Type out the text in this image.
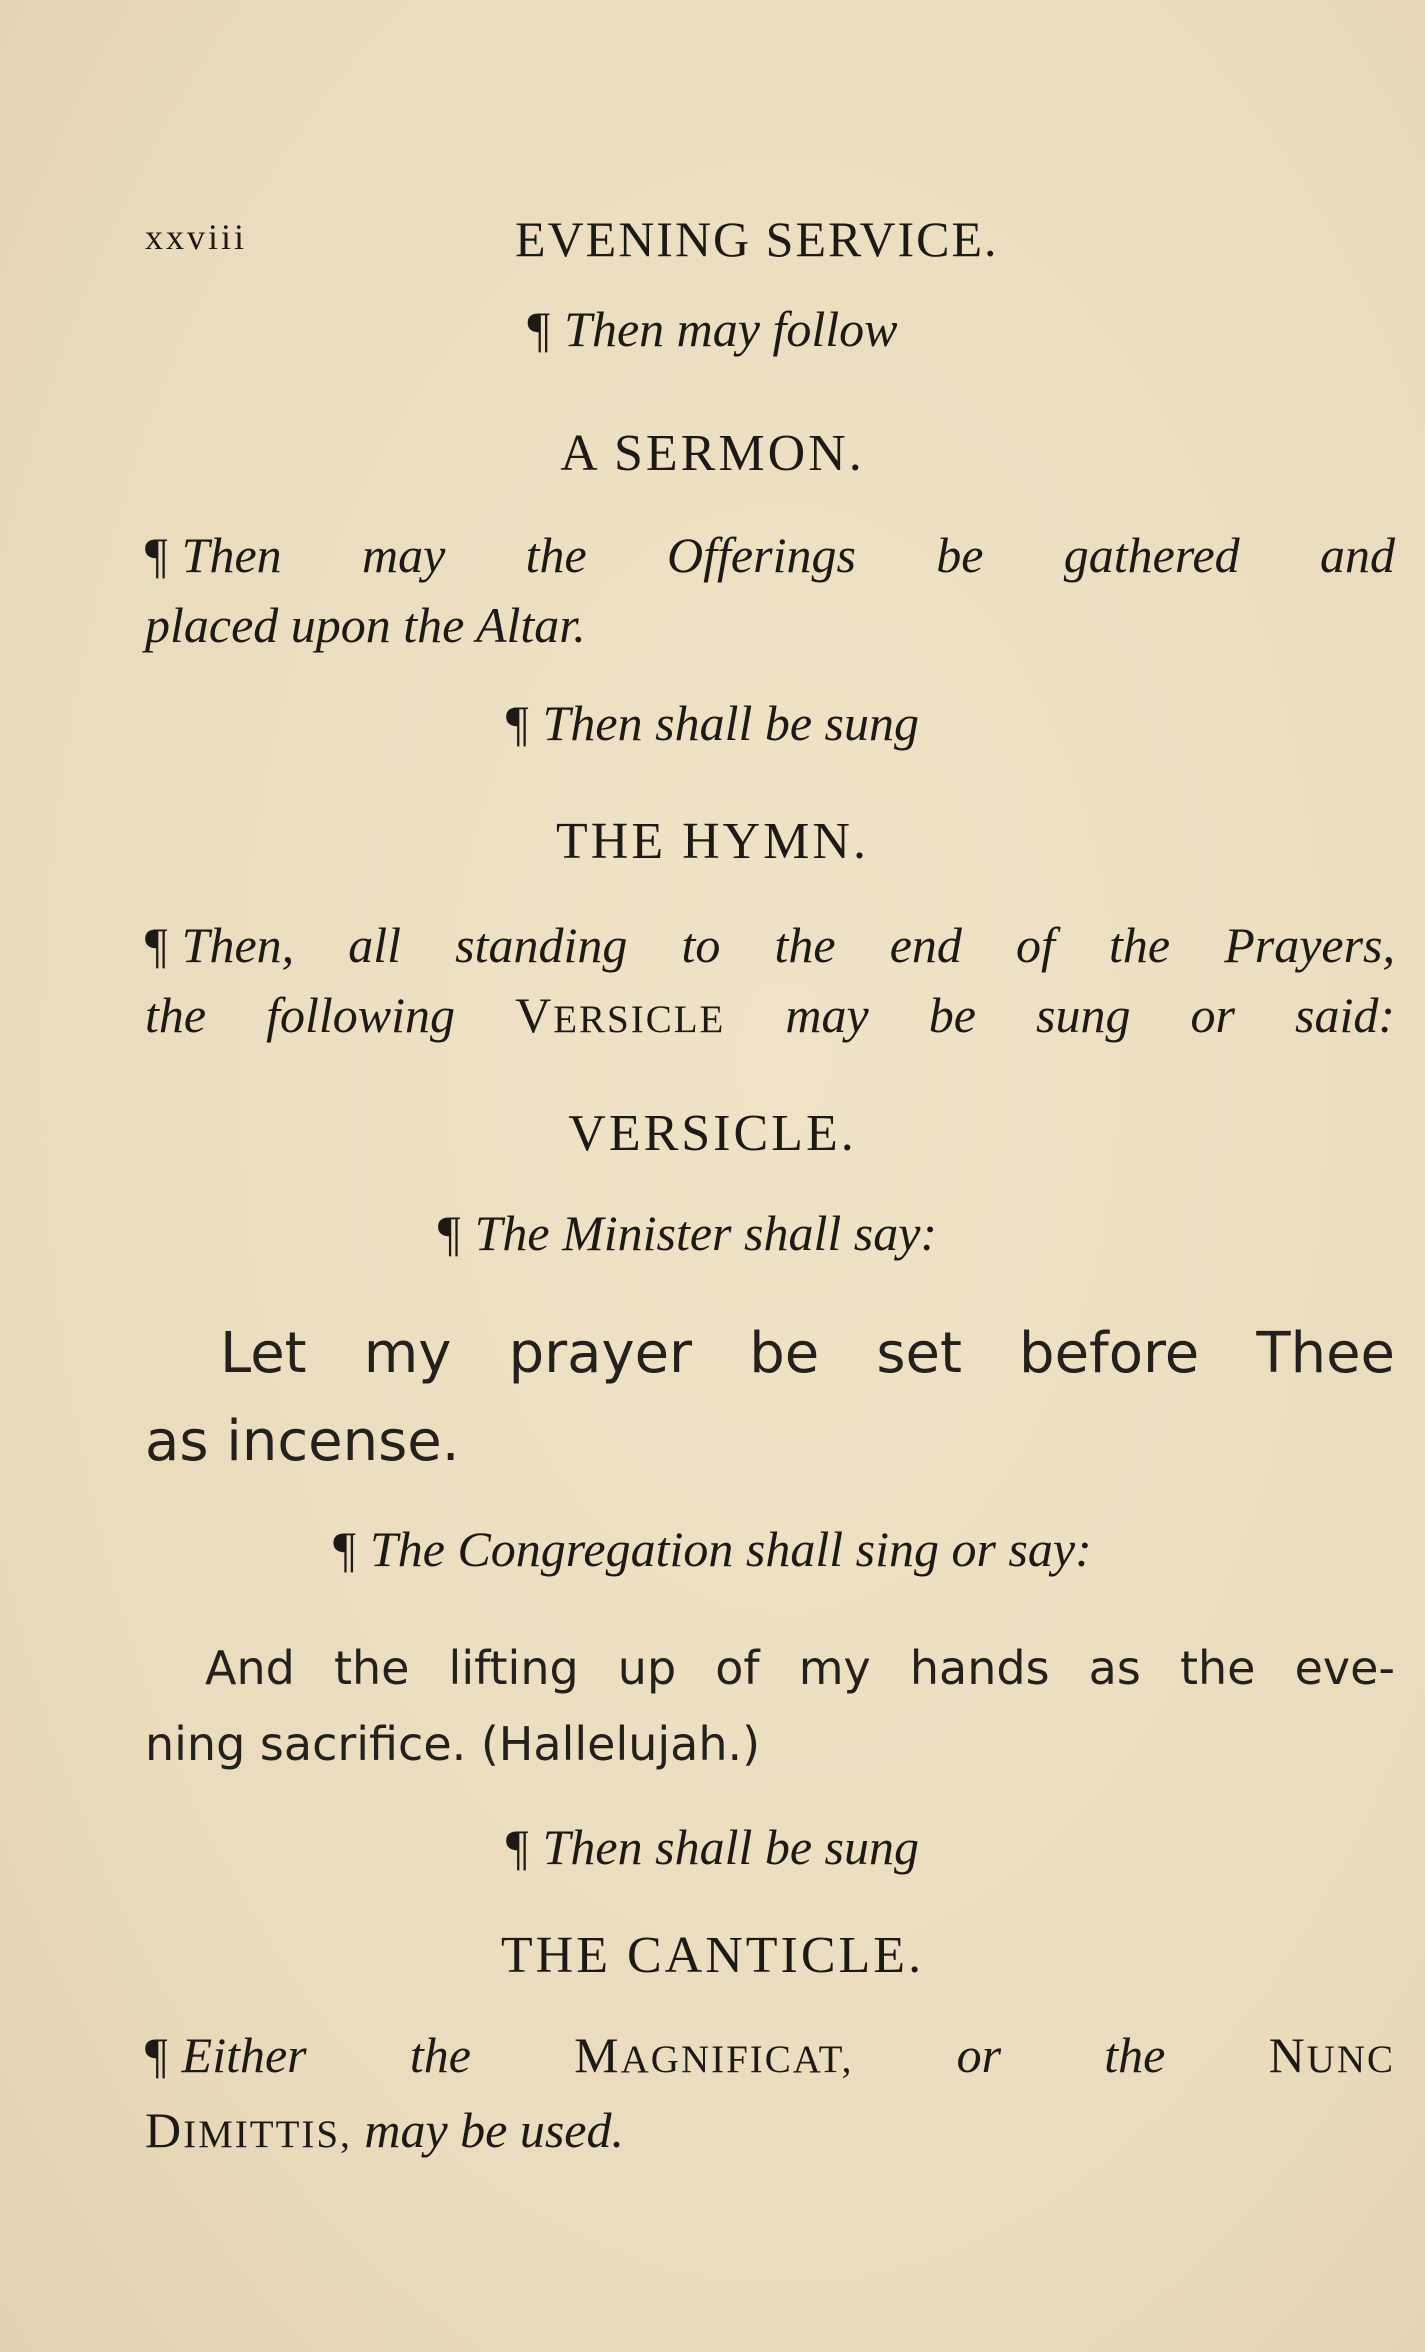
xxviii	EVENING SERVICE.
¶ Then may follow
A SERMON.
¶ Then may the Offerings be gathered and
placed upon the Altar.
¶ Then shall be sung
THE HYMN.
¶ Then, all standing to the end of the Prayers,
the following VERSICLE may be sung or said:
VERSICLE.
¶ The Minister shall say:
Let my prayer be set before Thee
as incense.
¶ The Congregation shall sing or say:
And the lifting up of my hands as the eve-
ning sacrifice. (Hallelujah.)
¶ Then shall be sung
THE CANTICLE.
¶ Either the MAGNIFICAT, or the NUNC
DIMITTIS, may be used.
